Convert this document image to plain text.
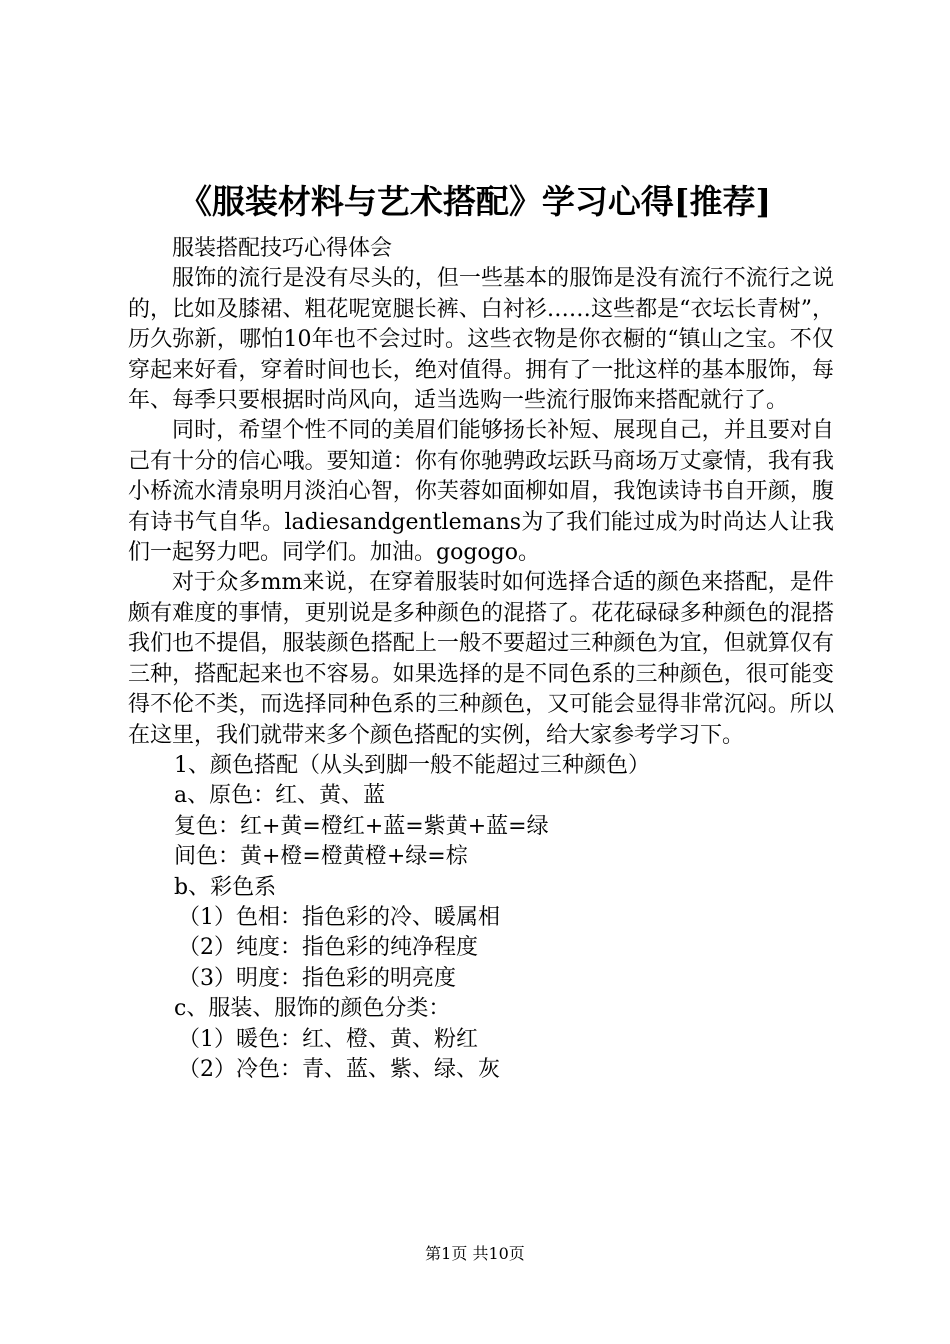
《服装材料与艺术搭配》学习心得[推荐]

服装搭配技巧心得体会

服饰的流行是没有尽头的，但一些基本的服饰是没有流行不流行之说的，比如及膝裙、粗花呢宽腿长裤、白衬衫……这些都是“衣坛长青树”，历久弥新，哪怕10年也不会过时。这些衣物是你衣橱的“镇山之宝。不仅穿起来好看，穿着时间也长，绝对值得。拥有了一批这样的基本服饰，每年、每季只要根据时尚风向，适当选购一些流行服饰来搭配就行了。

同时，希望个性不同的美眉们能够扬长补短、展现自己，并且要对自己有十分的信心哦。要知道：你有你驰骋政坛跃马商场万丈豪情，我有我小桥流水清泉明月淡泊心智，你芙蓉如面柳如眉，我饱读诗书自开颜，腹有诗书气自华。ladiesandgentlemans为了我们能过成为时尚达人让我们一起努力吧。同学们。加油。gogogo。

对于众多mm来说，在穿着服装时如何选择合适的颜色来搭配，是件颇有难度的事情，更别说是多种颜色的混搭了。花花碌碌多种颜色的混搭我们也不提倡，服装颜色搭配上一般不要超过三种颜色为宜，但就算仅有三种，搭配起来也不容易。如果选择的是不同色系的三种颜色，很可能变得不伦不类，而选择同种色系的三种颜色，又可能会显得非常沉闷。所以在这里，我们就带来多个颜色搭配的实例，给大家参考学习下。

1、颜色搭配（从头到脚一般不能超过三种颜色）

a、原色：红、黄、蓝

复色：红+黄=橙红+蓝=紫黄+蓝=绿

间色：黄+橙=橙黄橙+绿=棕

b、彩色系

（1）色相：指色彩的冷、暖属相

（2）纯度：指色彩的纯净程度

（3）明度：指色彩的明亮度

c、服装、服饰的颜色分类：

（1）暖色：红、橙、黄、粉红

（2）冷色：青、蓝、紫、绿、灰

第1页 共10页
